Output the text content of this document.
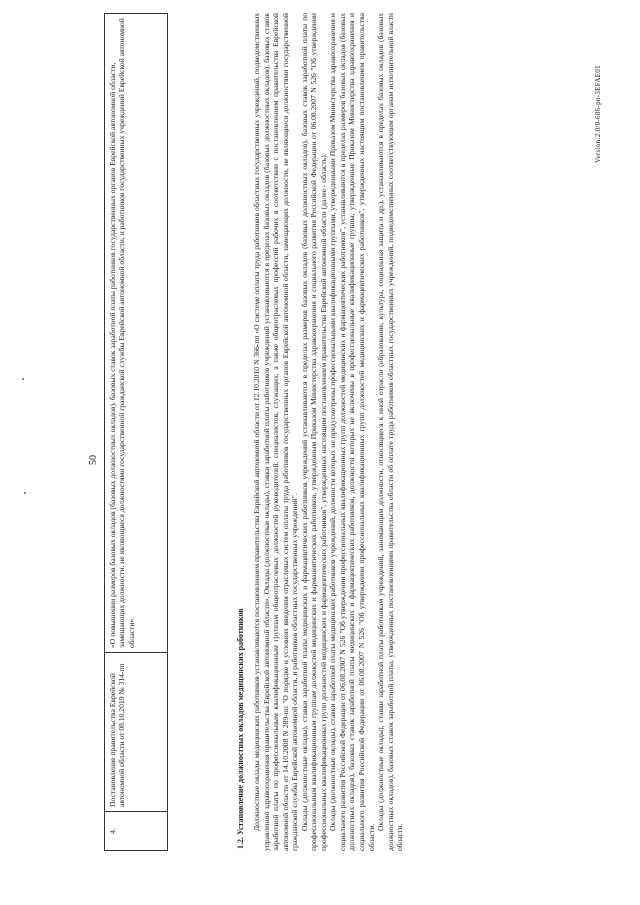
50
4.	Постановление правительства Еврейской автономной области от 08.10.2019 № 314-пп	«О повышении размеров базовых окладов (базовых должностных окладов), базовых ставок заработной платы работников государственных органов Еврейской автономной области, замещающих должности, не являющиеся должностями государственной гражданской службы Еврейской автономной области, и работников государственных учреждений Еврейской автономной области».	1.2. Установление должностных окладов медицинских работников Должностные оклады медицинских работников устанавливаются постановлением правительства Еврейской автономной области от 12.10.2010 N 366-пп «О системе оплаты труда работников областных государственных учреждений, подведомственных управлению здравоохранения правительства Еврейской автономной области». Оклады (должностные оклады), ставки заработной платы работников учреждений устанавливаются в пределах базовых окладов (базовых должностных окладов), базовых ставок заработной платы по профессиональным квалификационным группам общеотраслевых должностей руководителей, специалистов, служащих, а также общеотраслевых профессий рабочих в соответствии с постановлением правительства Еврейской автономной области от 14.10.2008 N 289-пп "О порядке и условиях введения отраслевых систем оплаты труда работников государственных органов Еврейской автономной области, замещающих должности, не являющиеся должностями государственной гражданской службы Еврейской автономной области, и работников областных государственных учреждений". Оклады (должностные оклады), ставки заработной платы медицинских и фармацевтических работников учреждений устанавливаются в пределах размеров базовых окладов (базовых должностных окладов), базовых ставок заработной платы по профессиональным квалификационным группам должностей медицинских и фармацевтических работников, утвержденным Приказом Министерства здравоохранения и социального развития Российской Федерации от 06.08.2007 N 526 "Об утверждении профессиональных квалификационных групп должностей медицинских и фармацевтических работников", утвержденных настоящим постановлением правительства Еврейской автономной области (далее - область). Оклады (должностные оклады), ставки заработной платы медицинских работников учреждений, должности которых не предусмотрены профессиональными квалификационными группами, утвержденными Приказом Министерства здравоохранения и социального развития Российской Федерации от 06.08.2007 N 526 "Об утверждении профессиональных квалификационных групп должностей медицинских и фармацевтических работников", устанавливаются в пределах размеров базовых окладов (базовых должностных окладов), базовых ставок заработной платы медицинских и фармацевтических работников, должности которых не включены в профессиональные квалификационные группы, утвержденные Приказом Министерства здравоохранения и социального развития Российской Федерации от 06.08.2007 N 526 "Об утверждении профессиональных квалификационных групп должностей медицинских и фармацевтических работников", утвержденных настоящим постановлением правительства области.

Оклады (должностные оклады), ставки заработной платы работникам учреждений, занимающим должности, относящиеся к иной отрасли (образование, культура, социальная защита и др.), устанавливаются в пределах базовых окладов (базовых должностных окладов), базовых ставок заработной платы, утвержденных постановлениями правительства области об оплате труда работников областных государственных учреждений, подведомственных соответствующим органам исполнительной власти области.

Version:2.0/0-686-pn-3EFAE01
